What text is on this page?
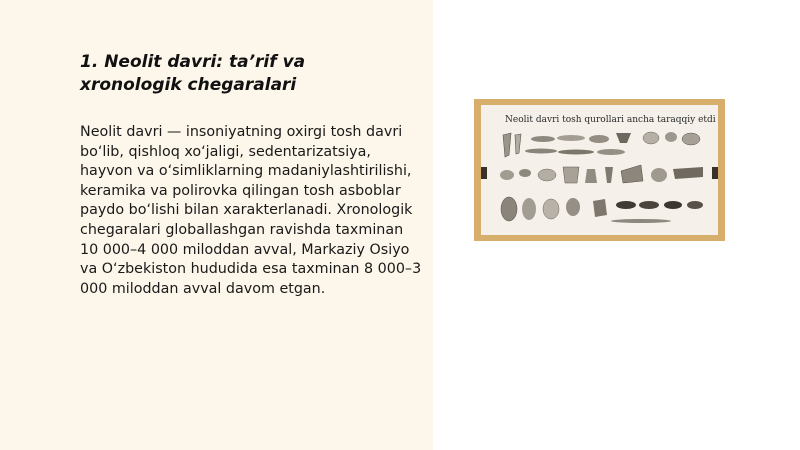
1. Neolit davri: ta’rif va xronologik chegaralari

Neolit davri — insoniyatning oxirgi tosh davri bo‘lib, qishloq xo‘jaligi, sedentarizatsiya, hayvon va o‘simliklarning madaniylashtirilishi, keramika va polirovka qilingan tosh asboblar paydo bo‘lishi bilan xarakterlanadi. Xronologik chegaralari globallashgan ravishda taxminan 10 000–4 000 miloddan avval, Markaziy Osiyo va O‘zbekiston hududida esa taxminan 8 000–3 000 miloddan avval davom etgan.

Neolit davri tosh qurollari ancha taraqqiy etdi
